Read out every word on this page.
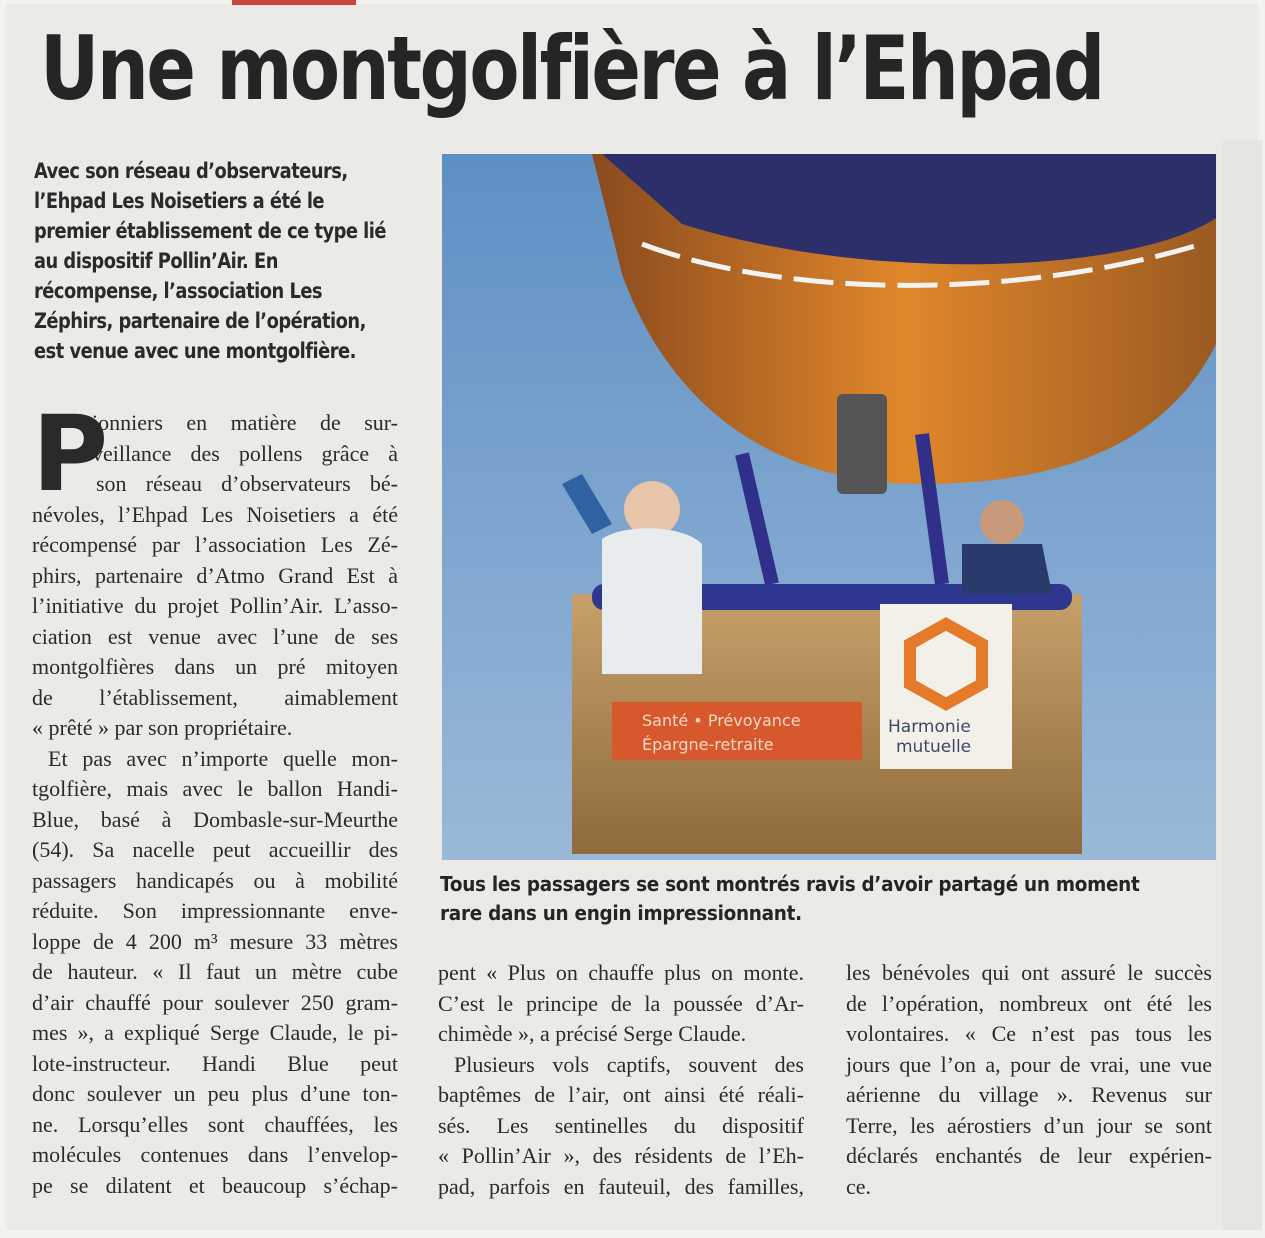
Une montgolfière à l’Ehpad
Avec son réseau d’observateurs,
l’Ehpad Les Noisetiers a été le
premier établissement de ce type lié
au dispositif Pollin’Air. En
récompense, l’association Les
Zéphirs, partenaire de l’opération,
est venue avec une montgolfière.
P
ionniers en matière de sur-
veillance des pollens grâce à
son réseau d’observateurs bé-
névoles, l’Ehpad Les Noisetiers a été
récompensé par l’association Les Zé-
phirs, partenaire d’Atmo Grand Est à
l’initiative du projet Pollin’Air. L’asso-
ciation est venue avec l’une de ses
montgolfières dans un pré mitoyen
de l’établissement, aimablement
« prêté » par son propriétaire.
Et pas avec n’importe quelle mon-
tgolfière, mais avec le ballon Handi-
Blue, basé à Dombasle-sur-Meurthe
(54). Sa nacelle peut accueillir des
passagers handicapés ou à mobilité
réduite. Son impressionnante enve-
loppe de 4 200 m³ mesure 33 mètres
de hauteur. « Il faut un mètre cube
d’air chauffé pour soulever 250 gram-
mes », a expliqué Serge Claude, le pi-
lote-instructeur. Handi Blue peut
donc soulever un peu plus d’une ton-
ne. Lorsqu’elles sont chauffées, les
molécules contenues dans l’envelop-
pe se dilatent et beaucoup s’échap-
Santé • Prévoyance
Épargne-retraite
Harmonie
mutuelle
Tous les passagers se sont montrés ravis d’avoir partagé un moment
rare dans un engin impressionnant.
pent « Plus on chauffe plus on monte.
C’est le principe de la poussée d’Ar-
chimède », a précisé Serge Claude.
Plusieurs vols captifs, souvent des
baptêmes de l’air, ont ainsi été réali-
sés. Les sentinelles du dispositif
« Pollin’Air », des résidents de l’Eh-
pad, parfois en fauteuil, des familles,
les bénévoles qui ont assuré le succès
de l’opération, nombreux ont été les
volontaires. « Ce n’est pas tous les
jours que l’on a, pour de vrai, une vue
aérienne du village ». Revenus sur
Terre, les aérostiers d’un jour se sont
déclarés enchantés de leur expérien-
ce.
